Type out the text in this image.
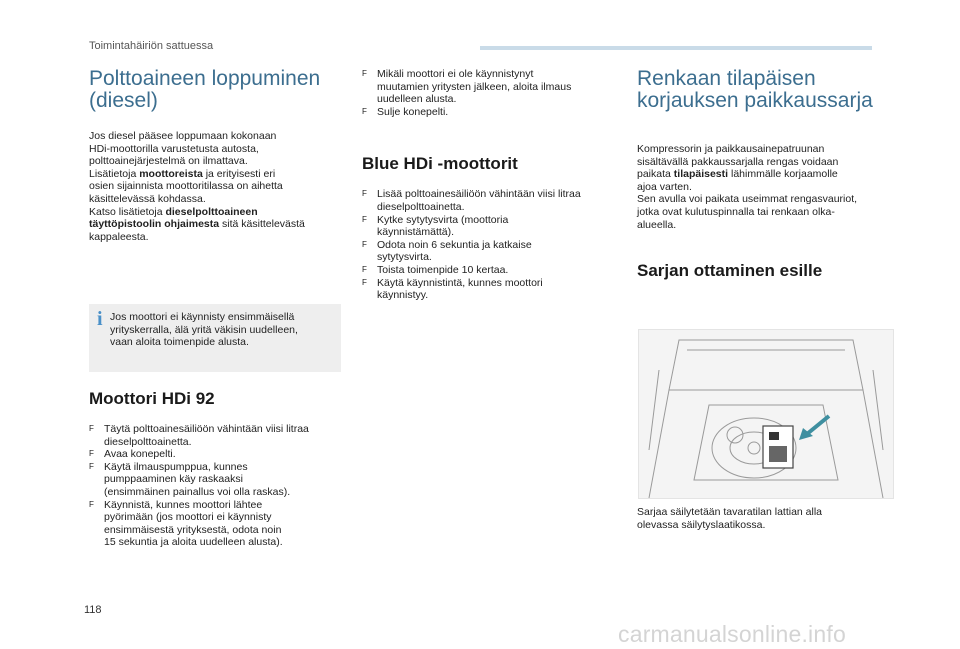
Toimintahäiriön sattuessa
Polttoaineen loppuminen
(diesel)
Jos diesel pääsee loppumaan kokonaan
HDi-moottorilla varustetusta autosta,
polttoainejärjestelmä on ilmattava.
Lisätietoja moottoreista ja erityisesti eri
osien sijainnista moottoritilassa on aihetta
käsittelevässä kohdassa.
Katso lisätietoja dieselpolttoaineen
täyttöpistoolin ohjaimesta sitä käsittelevästä
kappaleesta.
i Jos moottori ei käynnisty ensimmäisellä
yrityskerralla, älä yritä väkisin uudelleen,
vaan aloita toimenpide alusta.
Moottori HDi 92
F Täytä polttoainesäiliöön vähintään viisi litraa
dieselpolttoainetta.
F Avaa konepelti.
F Käytä ilmauspumppua, kunnes
pumppaaminen käy raskaaksi
(ensimmäinen painallus voi olla raskas).
F Käynnistä, kunnes moottori lähtee
pyörimään (jos moottori ei käynnisty
ensimmäisestä yrityksestä, odota noin
15 sekuntia ja aloita uudelleen alusta).
F Mikäli moottori ei ole käynnistynyt
muutamien yritysten jälkeen, aloita ilmaus
uudelleen alusta.
F Sulje konepelti.
Blue HDi -moottorit
F Lisää polttoainesäiliöön vähintään viisi litraa
dieselpolttoainetta.
F Kytke sytytysvirta (moottoria
käynnistämättä).
F Odota noin 6 sekuntia ja katkaise
sytytysvirta.
F Toista toimenpide 10 kertaa.
F Käytä käynnistintä, kunnes moottori
käynnistyy.
Renkaan tilapäisen
korjauksen paikkaussarja
Kompressorin ja paikkausainepatruunan
sisältävällä pakkaussarjalla rengas voidaan
paikata tilapäisesti lähimmälle korjaamolle
ajoa varten.
Sen avulla voi paikata useimmat rengasvauriot,
jotka ovat kulutuspinnalla tai renkaan olka-
alueella.
Sarjan ottaminen esille
Sarjaa säilytetään tavaratilan lattian alla
olevassa säilytyslaatikossa.
118
carmanualsonline.info
